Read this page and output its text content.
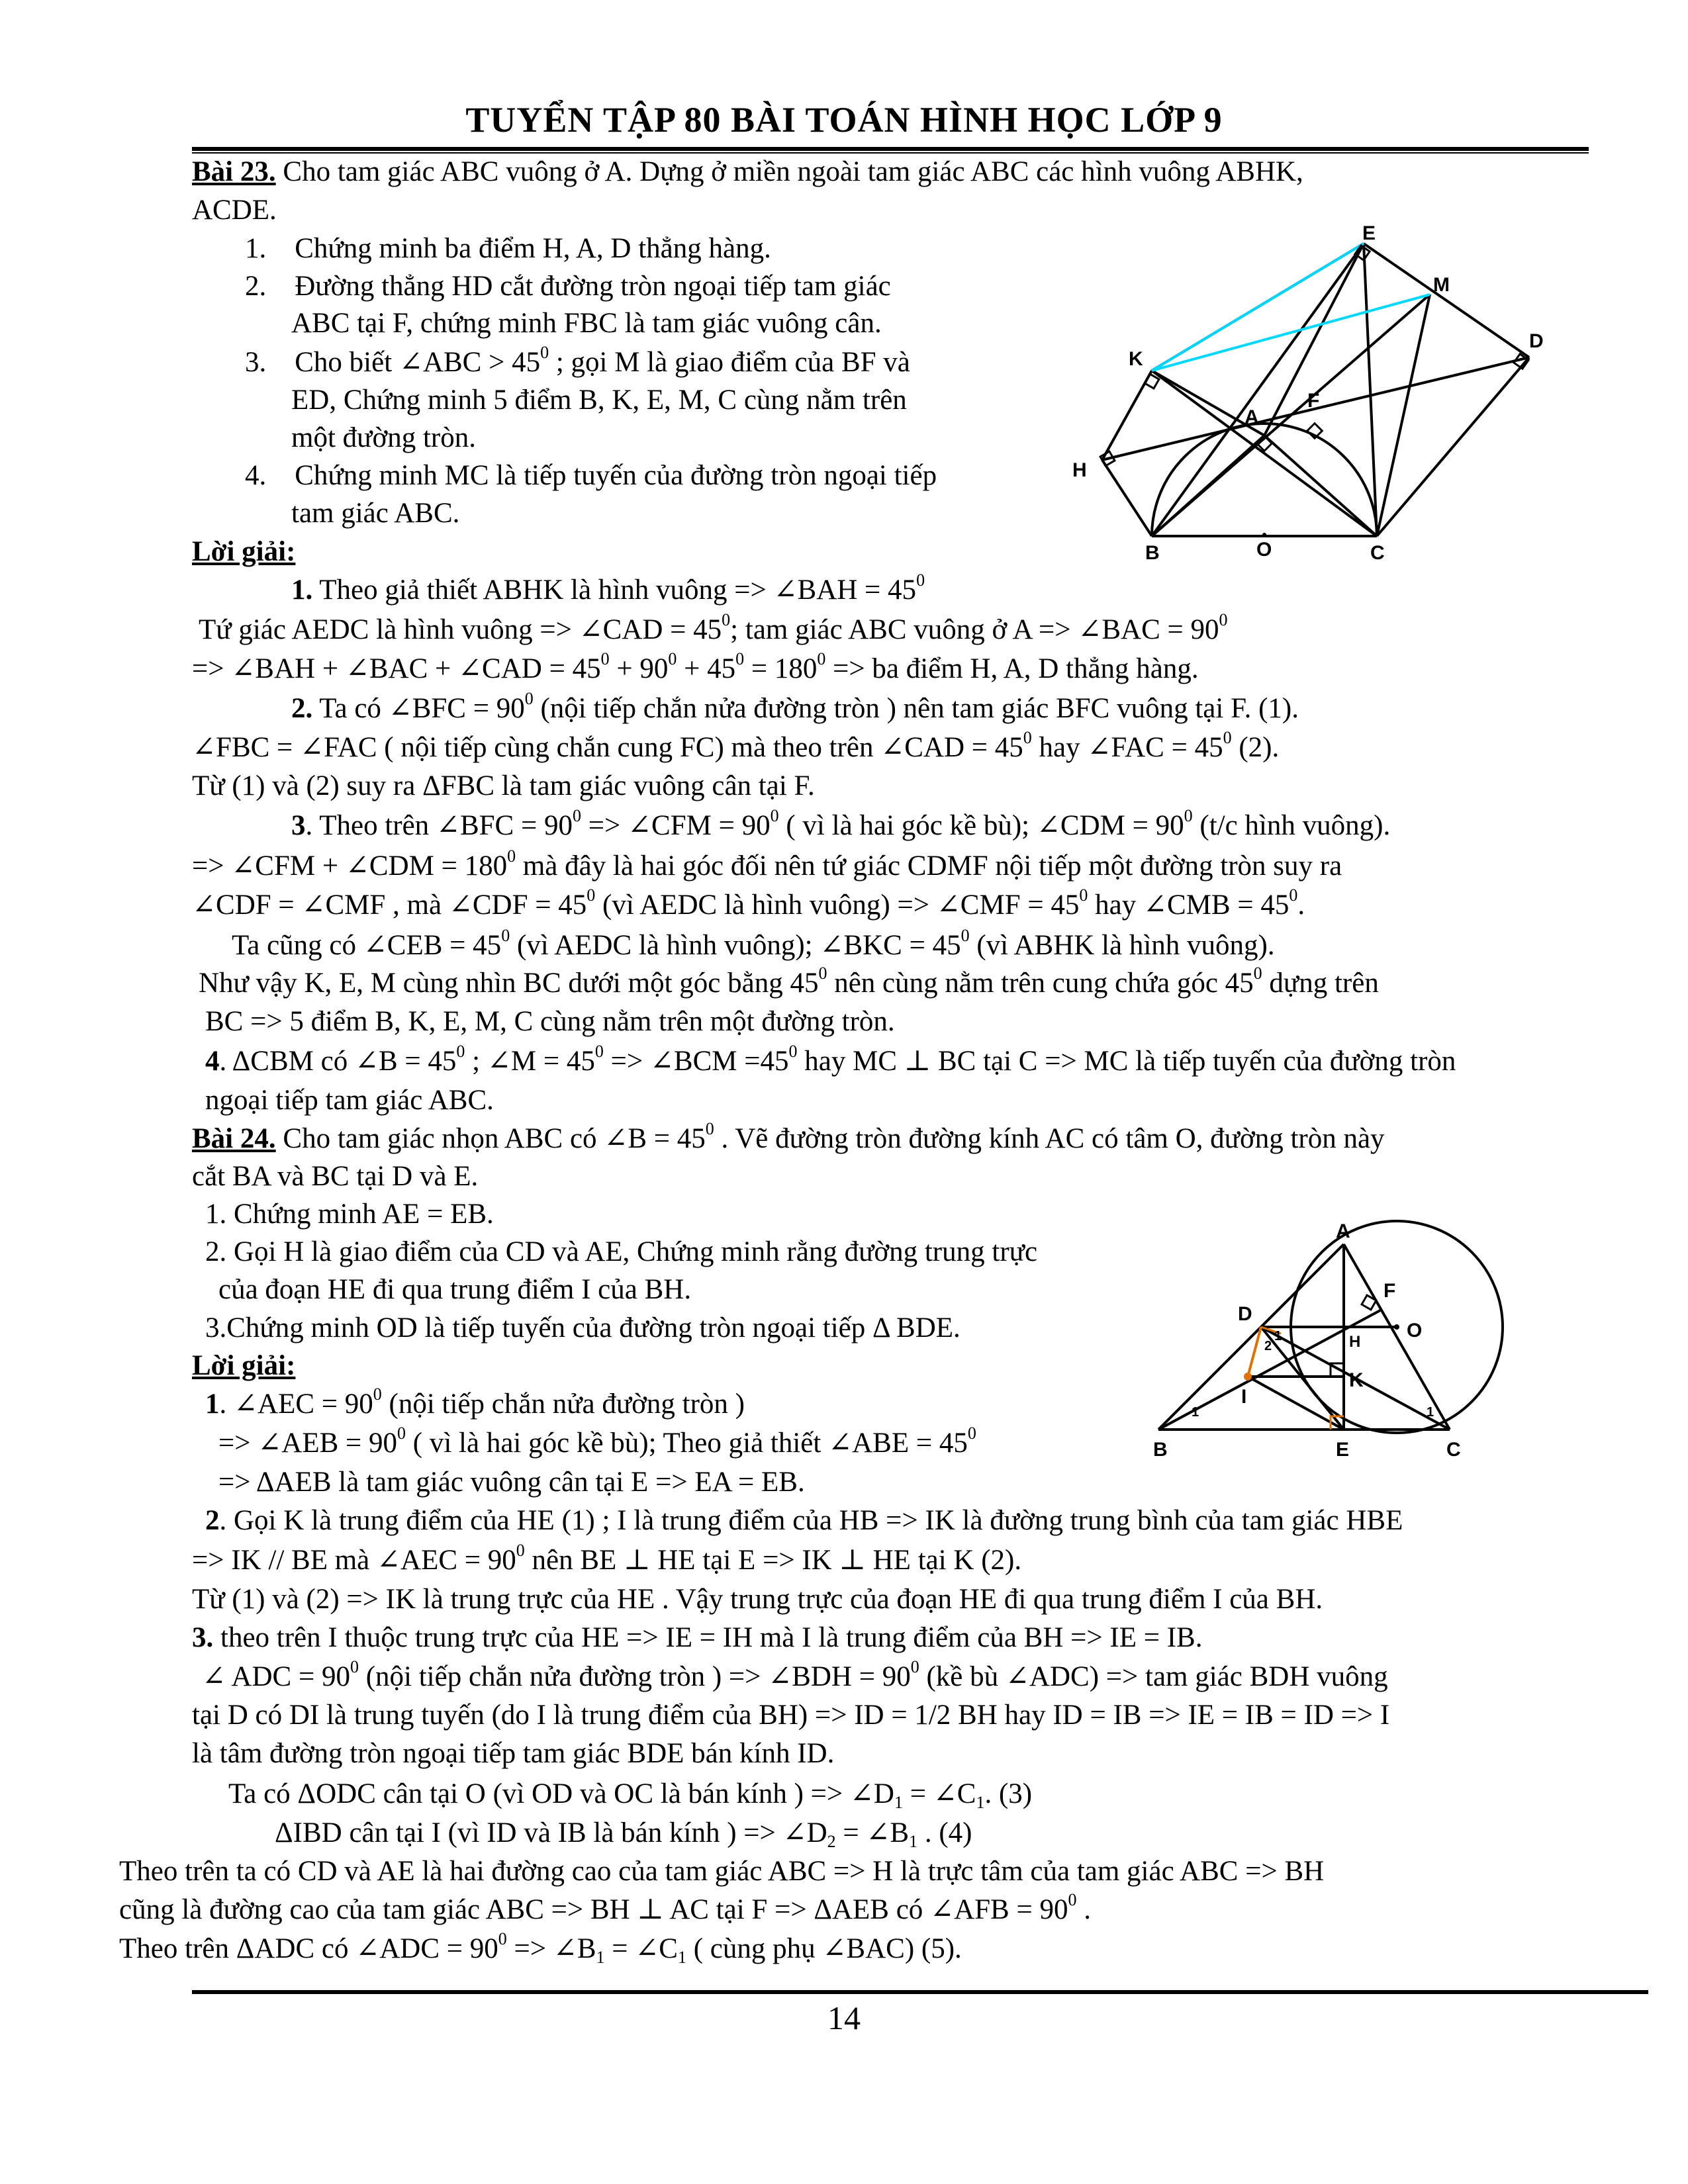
TUYỂN TẬP 80 BÀI TOÁN HÌNH HỌC LỚP 9
Bài 23. Cho tam giác ABC vuông ở A. Dựng ở miền ngoài tam giác ABC các hình vuông ABHK,
ACDE.
1. Chứng minh ba điểm H, A, D thẳng hàng.
2. Đường thẳng HD cắt đường tròn ngoại tiếp tam giác
ABC tại F, chứng minh FBC là tam giác vuông cân.
3. Cho biết ∠ABC > $45^0$ ; gọi M là giao điểm của BF và
ED, Chứng minh 5 điểm B, K, E, M, C cùng nằm trên
một đường tròn.
4. Chứng minh MC là tiếp tuyến của đường tròn ngoại tiếp
tam giác ABC.
Lời giải:
1. Theo giả thiết ABHK là hình vuông => ∠BAH = $45^0$
Tứ giác AEDC là hình vuông => ∠CAD = $45^0$; tam giác ABC vuông ở A => ∠BAC = $90^0$
=> ∠BAH + ∠BAC + ∠CAD = $45^0 + 90^0 + 45^0 = 180^0$ => ba điểm H, A, D thẳng hàng.
2. Ta có ∠BFC = $90^0$ (nội tiếp chắn nửa đường tròn ) nên tam giác BFC vuông tại F. (1).
∠FBC = ∠FAC ( nội tiếp cùng chắn cung FC) mà theo trên ∠CAD = $45^0$ hay ∠FAC = $45^0$ (2).
Từ (1) và (2) suy ra ΔFBC là tam giác vuông cân tại F.
3. Theo trên ∠BFC = $90^0$ => ∠CFM = $90^0$ ( vì là hai góc kề bù); ∠CDM = $90^0$ (t/c hình vuông).
=> ∠CFM + ∠CDM = $180^0$ mà đây là hai góc đối nên tứ giác CDMF nội tiếp một đường tròn suy ra
∠CDF = ∠CMF , mà ∠CDF = $45^0$ (vì AEDC là hình vuông) => ∠CMF = $45^0$ hay ∠CMB = $45^0$.
Ta cũng có ∠CEB = $45^0$ (vì AEDC là hình vuông); ∠BKC = $45^0$ (vì ABHK là hình vuông).
Như vậy K, E, M cùng nhìn BC dưới một góc bằng $45^0$ nên cùng nằm trên cung chứa góc $45^0$ dựng trên
BC => 5 điểm B, K, E, M, C cùng nằm trên một đường tròn.
4. ΔCBM có ∠B = $45^0$ ; ∠M = $45^0$ => ∠BCM $=45^0$ hay MC ⊥ BC tại C => MC là tiếp tuyến của đường tròn
ngoại tiếp tam giác ABC.
Bài 24. Cho tam giác nhọn ABC có ∠B = $45^0$ . Vẽ đường tròn đường kính AC có tâm O, đường tròn này
cắt BA và BC tại D và E.
1. Chứng minh AE = EB.
2. Gọi H là giao điểm của CD và AE, Chứng minh rằng đường trung trực
của đoạn HE đi qua trung điểm I của BH.
3.Chứng minh OD là tiếp tuyến của đường tròn ngoại tiếp Δ BDE.
Lời giải:
1. ∠AEC = $90^0$ (nội tiếp chắn nửa đường tròn )
=> ∠AEB = $90^0$ ( vì là hai góc kề bù); Theo giả thiết ∠ABE = $45^0$
=> ΔAEB là tam giác vuông cân tại E => EA = EB.
2. Gọi K là trung điểm của HE (1) ; I là trung điểm của HB => IK là đường trung bình của tam giác HBE
=> IK // BE mà ∠AEC = $90^0$ nên BE ⊥ HE tại E => IK ⊥ HE tại K (2).
Từ (1) và (2) => IK là trung trực của HE . Vậy trung trực của đoạn HE đi qua trung điểm I của BH.
3. theo trên I thuộc trung trực của HE => IE = IH mà I là trung điểm của BH => IE = IB.
∠ ADC = $90^0$ (nội tiếp chắn nửa đường tròn ) => ∠BDH = $90^0$ (kề bù ∠ADC) => tam giác BDH vuông
tại D có DI là trung tuyến (do I là trung điểm của BH) => ID = 1/2 BH hay ID = IB => IE = IB = ID => I
là tâm đường tròn ngoại tiếp tam giác BDE bán kính ID.
Ta có ΔODC cân tại O (vì OD và OC là bán kính ) => $\angle D_1$ = $\angle C_1$. (3)
ΔIBD cân tại I (vì ID và IB là bán kính ) => $\angle D_2$ = $\angle B_1$ . (4)
Theo trên ta có CD và AE là hai đường cao của tam giác ABC => H là trực tâm của tam giác ABC => BH
cũng là đường cao của tam giác ABC => BH ⊥ AC tại F => ΔAEB có ∠AFB = $90^0$ .
Theo trên ΔADC có ∠ADC = $90^0$ => $\angle B_1$ = $\angle C_1$ ( cùng phụ ∠BAC) (5).
14
E
M
D
K
A
F
H
B	O	C
A
D
F
O
H
K
I
B	E	C
1
1
1
2
